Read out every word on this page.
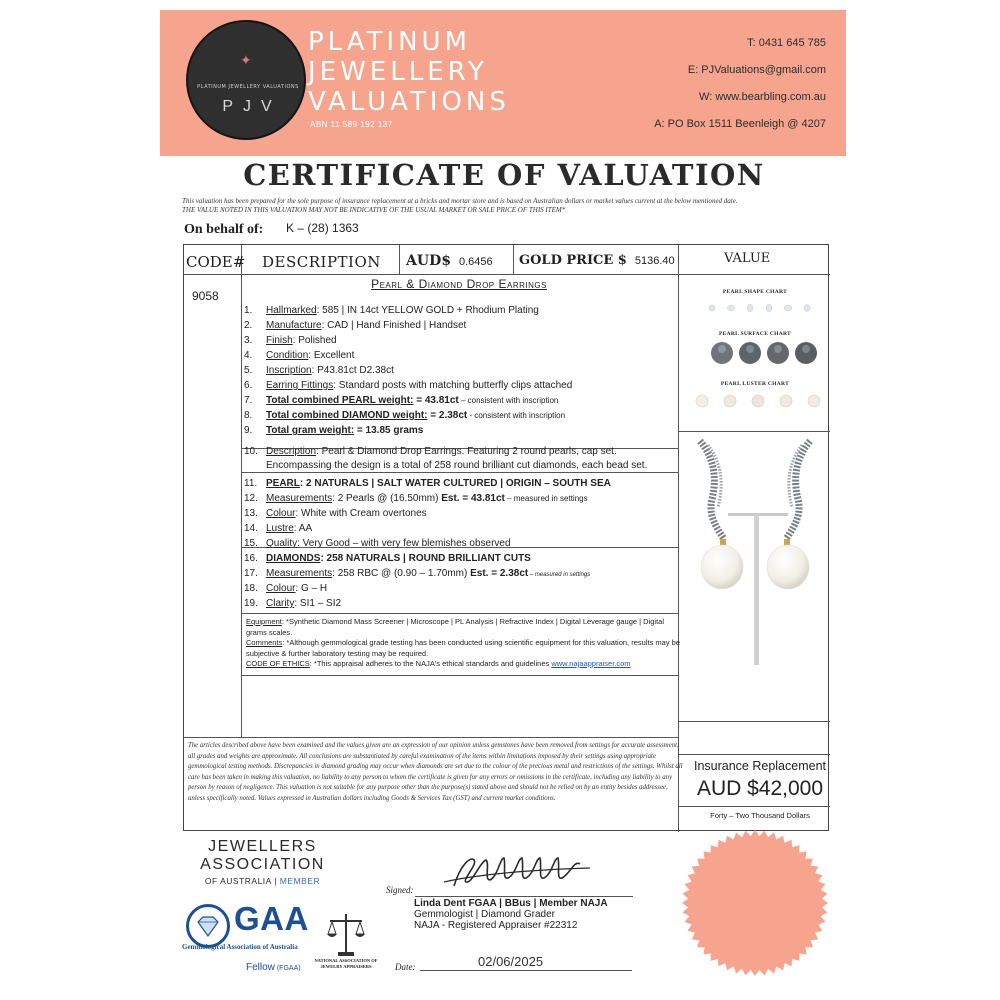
✦
PLATINUM JEWELLERY VALUATIONS
PJV
PLATINUM
JEWELLERY
VALUATIONS
ABN 11 589 192 137
T: 0431 645 785
E: PJValuations@gmail.com
W: www.bearbling.com.au
A: PO Box 1511 Beenleigh @ 4207
CERTIFICATE OF VALUATION
This valuation has been prepared for the sole purpose of insurance replacement at a bricks and mortar store and is based on Australian dollars or market values current at the below mentioned date.
THE VALUE NOTED IN THIS VALUATION MAY NOT BE INDICATIVE OF THE USUAL MARKET OR SALE PRICE OF THIS ITEM*
On behalf of: K – (28) 1363
CODE# DESCRIPTION AUD$ 0.6456 GOLD PRICE $ 5136.40	VALUE
9058
Pearl & Diamond Drop Earrings
1. Hallmarked: 585 | IN 14ct YELLOW GOLD + Rhodium Plating
2. Manufacture: CAD | Hand Finished | Handset
3. Finish: Polished
4. Condition: Excellent
5. Inscription: P43.81ct D2.38ct
6. Earring Fittings: Standard posts with matching butterfly clips attached
7. Total combined PEARL weight: = 43.81ct – consistent with inscription
8. Total combined DIAMOND weight: = 2.38ct - consistent with inscription
9. Total gram weight: = 13.85 grams
10. Description: Pearl & Diamond Drop Earrings. Featuring 2 round pearls, cap set.
Encompassing the design is a total of 258 round brilliant cut diamonds, each bead set.
11. PEARL: 2 NATURALS | SALT WATER CULTURED | ORIGIN – SOUTH SEA
12. Measurements: 2 Pearls @ (16.50mm) Est. = 43.81ct – measured in settings
13. Colour: White with Cream overtones
14. Lustre: AA
15. Quality: Very Good – with very few blemishes observed
16. DIAMONDS: 258 NATURALS | ROUND BRILLIANT CUTS
17. Measurements: 258 RBC @ (0.90 – 1.70mm) Est. = 2.38ct – measured in settings
18. Colour: G – H
19. Clarity: SI1 – SI2
Equipment: *Synthetic Diamond Mass Screener | Microscope | PL Analysis | Refractive Index | Digital Leverage gauge | Digital grams scales.
Comments: *Although gemmological grade testing has been conducted using scientific equipment for this valuation, results may be subjective & further laboratory testing may be required.
CODE OF ETHICS: *This appraisal adheres to the NAJA's ethical standards and guidelines www.najaappraiser.com
The articles described above have been examined and the values given are an expression of our opinion unless gemstones have been removed from settings for accurate assessment, all grades and weights are approximate. All conclusions are substantiated by careful examination of the items within limitations imposed by their settings using appropriate gemmological testing methods. Discrepancies in diamond grading may occur when diamonds are set due to the colour of the precious metal and restrictions of the settings. Whilst all care has been taken in making this valuation, no liability to any person to whom the certificate is given for any errors or omissions in the certificate, including any liability to any person by reason of negligence. This valuation is not suitable for any purpose other than the purpose(s) stated above and should not be relied on by an entity besides addressee, unless specifically noted. Values expressed in Australian dollars including Goods & Services Tax (GST) and current market conditions.
Insurance Replacement
AUD $42,000
Forty – Two Thousand Dollars
PEARL SHAPE CHART
PEARL SURFACE CHART
PEARL LUSTER CHART
JEWELLERS
ASSOCIATION
OF AUSTRALIA | MEMBER
GAA
Gemmological Association of Australia
Fellow (FGAA)
NATIONAL ASSOCIATION OF JEWELRY APPRAISERS
Signed:
Linda Dent FGAA | BBus | Member NAJA
Gemmologist | Diamond Grader
NAJA - Registered Appraiser #22312
Date:	02/06/2025
